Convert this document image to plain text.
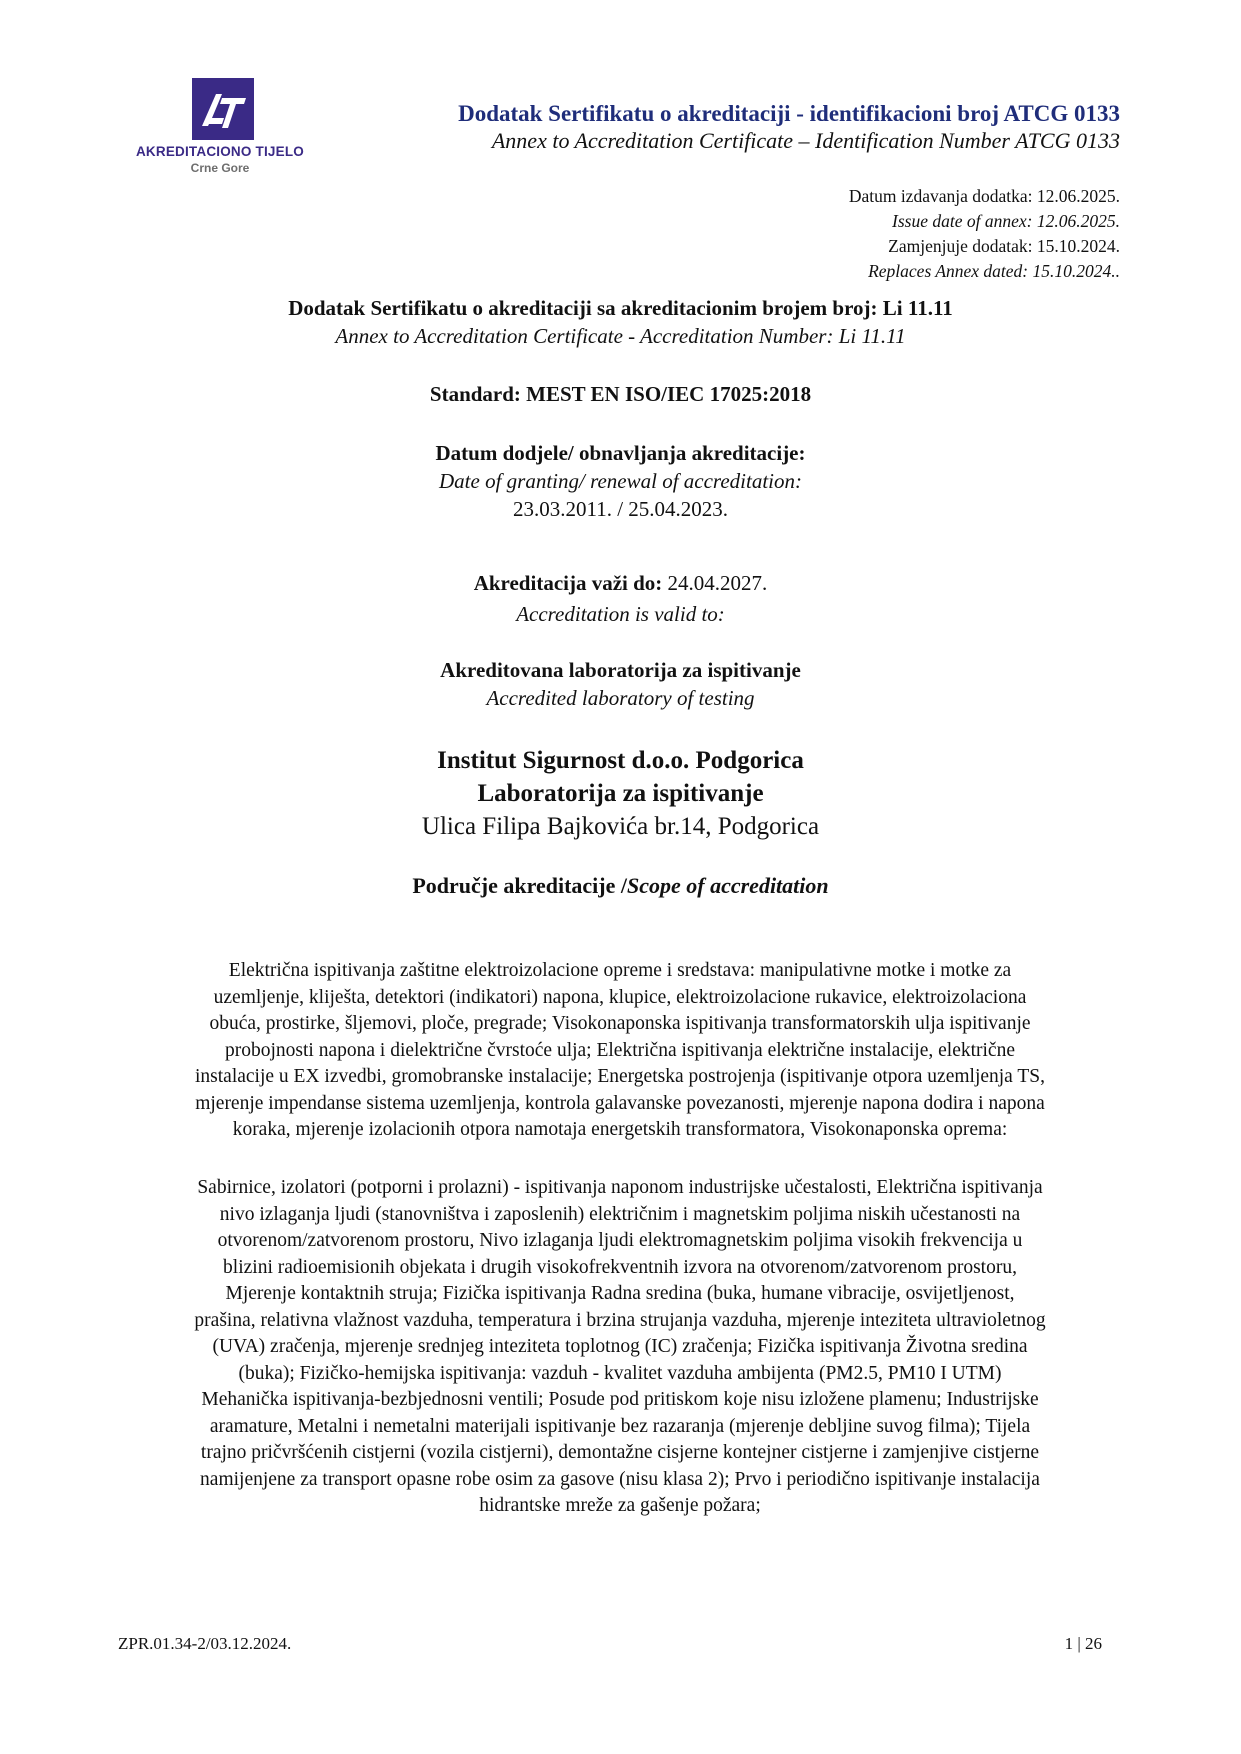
AKREDITACIONO TIJELO
Crne Gore
Dodatak Sertifikatu o akreditaciji - identifikacioni broj ATCG 0133
Annex to Accreditation Certificate – Identification Number ATCG 0133
Datum izdavanja dodatka: 12.06.2025.
Issue date of annex: 12.06.2025.
Zamjenjuje dodatak: 15.10.2024.
Replaces Annex dated: 15.10.2024..
Dodatak Sertifikatu o akreditaciji sa akreditacionim brojem broj: Li 11.11
Annex to Accreditation Certificate - Accreditation Number: Li 11.11
Standard: MEST EN ISO/IEC 17025:2018
Datum dodjele/ obnavljanja akreditacije:
Date of granting/ renewal of accreditation:
23.03.2011. / 25.04.2023.
Akreditacija važi do: 24.04.2027.
Accreditation is valid to:
Akreditovana laboratorija za ispitivanje
Accredited laboratory of testing
Institut Sigurnost d.o.o. Podgorica
Laboratorija za ispitivanje
Ulica Filipa Bajkovića br.14, Podgorica
Područje akreditacije /Scope of accreditation
Električna ispitivanja zaštitne elektroizolacione opreme i sredstava: manipulativne motke i motke za
uzemljenje, kliješta, detektori (indikatori) napona, klupice, elektroizolacione rukavice, elektroizolaciona
obuća, prostirke, šljemovi, ploče, pregrade; Visokonaponska ispitivanja transformatorskih ulja ispitivanje
probojnosti napona i dielektrične čvrstoće ulja; Električna ispitivanja električne instalacije, električne
instalacije u EX izvedbi, gromobranske instalacije; Energetska postrojenja (ispitivanje otpora uzemljenja TS,
mjerenje impendanse sistema uzemljenja, kontrola galavanske povezanosti, mjerenje napona dodira i napona
koraka, mjerenje izolacionih otpora namotaja energetskih transformatora, Visokonaponska oprema:
Sabirnice, izolatori (potporni i prolazni) - ispitivanja naponom industrijske učestalosti, Električna ispitivanja
nivo izlaganja ljudi (stanovništva i zaposlenih) električnim i magnetskim poljima niskih učestanosti na
otvorenom/zatvorenom prostoru, Nivo izlaganja ljudi elektromagnetskim poljima visokih frekvencija u
blizini radioemisionih objekata i drugih visokofrekventnih izvora na otvorenom/zatvorenom prostoru,
Mjerenje kontaktnih struja; Fizička ispitivanja Radna sredina (buka, humane vibracije, osvijetljenost,
prašina, relativna vlažnost vazduha, temperatura i brzina strujanja vazduha, mjerenje inteziteta ultravioletnog
(UVA) zračenja, mjerenje srednjeg inteziteta toplotnog (IC) zračenja; Fizička ispitivanja Životna sredina
(buka); Fizičko-hemijska ispitivanja: vazduh - kvalitet vazduha ambijenta (PM2.5, PM10 I UTM)
Mehanička ispitivanja-bezbjednosni ventili; Posude pod pritiskom koje nisu izložene plamenu; Industrijske
aramature, Metalni i nemetalni materijali ispitivanje bez razaranja (mjerenje debljine suvog filma); Tijela
trajno pričvršćenih cistjerni (vozila cistjerni), demontažne cisjerne kontejner cistjerne i zamjenjive cistjerne
namijenjene za transport opasne robe osim za gasove (nisu klasa 2); Prvo i periodično ispitivanje instalacija
hidrantske mreže za gašenje požara;
ZPR.01.34-2/03.12.2024.	1 | 26
